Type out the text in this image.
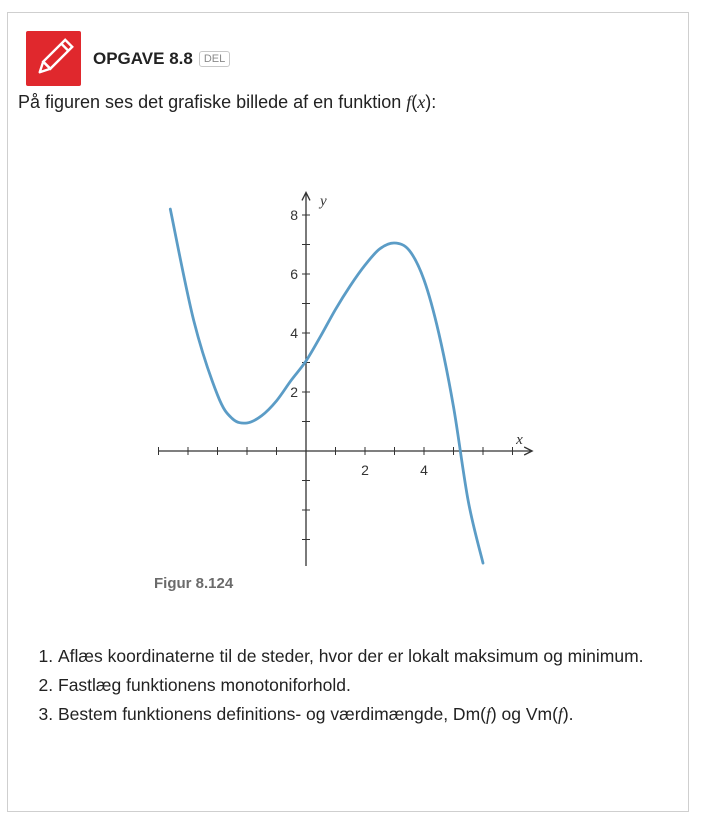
OPGAVE 8.8	DEL
På figuren ses det grafiske billede af en funktion f(x):
2	4
2
4
6
8
x
y
Figur 8.124
1. Aflæs koordinaterne til de steder, hvor der er lokalt maksimum og minimum.
2. Fastlæg funktionens monotoniforhold.
3. Bestem funktionens definitions- og værdimængde, Dm(f) og Vm(f).
